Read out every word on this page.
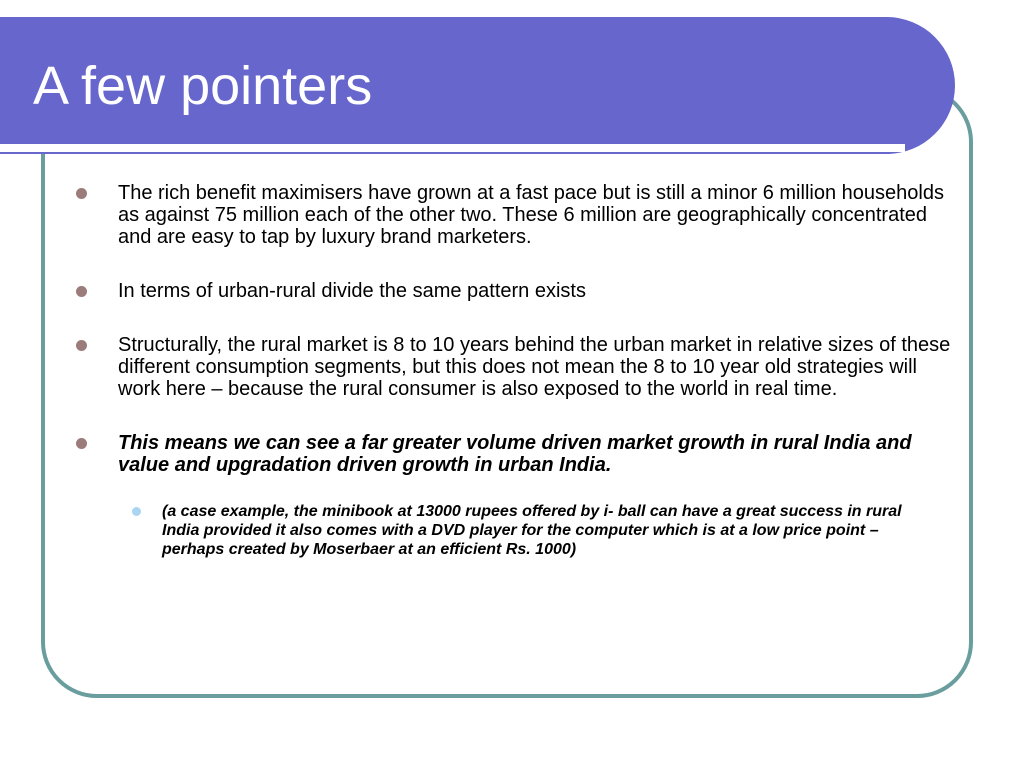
A few pointers
The rich benefit maximisers have grown at a fast pace but is still a minor 6 million households as against 75 million each of the other two. These 6 million are geographically concentrated and are easy to tap by luxury brand marketers.
In terms of urban-rural divide the same pattern exists
Structurally, the rural market is 8 to 10 years behind the urban market in relative sizes of these different consumption segments, but this does not mean the 8 to 10 year old strategies will work here – because the rural consumer is also exposed to the world in real time.
This means we can see a far greater volume driven market growth in rural India and value and upgradation driven growth in urban India.
(a case example, the minibook at 13000 rupees offered by i- ball can have a great success in rural India provided it also comes with a DVD player for the computer which is at a low price point – perhaps created by Moserbaer at an efficient Rs. 1000)
